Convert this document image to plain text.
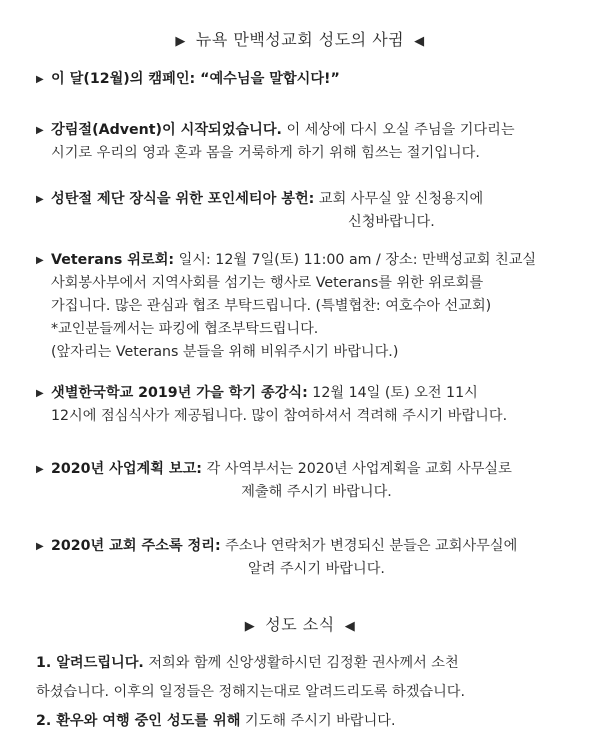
▶ 뉴욕 만백성교회 성도의 사귐 ◀
▶ 이 달(12월)의 캠페인: “예수님을 말합시다!”
▶ 강림절(Advent)이 시작되었습니다. 이 세상에 다시 오실 주님을 기다리는
시기로 우리의 영과 혼과 몸을 거룩하게 하기 위해 힘쓰는 절기입니다.
▶ 성탄절 제단 장식을 위한 포인세티아 봉헌: 교회 사무실 앞 신청용지에
신청바랍니다.
▶ Veterans 위로회: 일시: 12월 7일(토) 11:00 am / 장소: 만백성교회 친교실
사회봉사부에서 지역사회를 섬기는 행사로 Veterans를 위한 위로회를
가집니다. 많은 관심과 협조 부탁드립니다. (특별협찬: 여호수아 선교회)
*교인분들께서는 파킹에 협조부탁드립니다.
(앞자리는 Veterans 분들을 위해 비워주시기 바랍니다.)
▶ 샛별한국학교 2019년 가을 학기 종강식: 12월 14일 (토) 오전 11시
12시에 점심식사가 제공됩니다. 많이 참여하셔서 격려해 주시기 바랍니다.
▶ 2020년 사업계획 보고: 각 사역부서는 2020년 사업계획을 교회 사무실로
제출해 주시기 바랍니다.
▶ 2020년 교회 주소록 정리: 주소나 연락처가 변경되신 분들은 교회사무실에
알려 주시기 바랍니다.
▶ 성도 소식 ◀
1. 알려드립니다. 저희와 함께 신앙생활하시던 김정환 권사께서 소천
하셨습니다. 이후의 일정들은 정해지는대로 알려드리도록 하겠습니다.
2. 환우와 여행 중인 성도를 위해 기도해 주시기 바랍니다.
